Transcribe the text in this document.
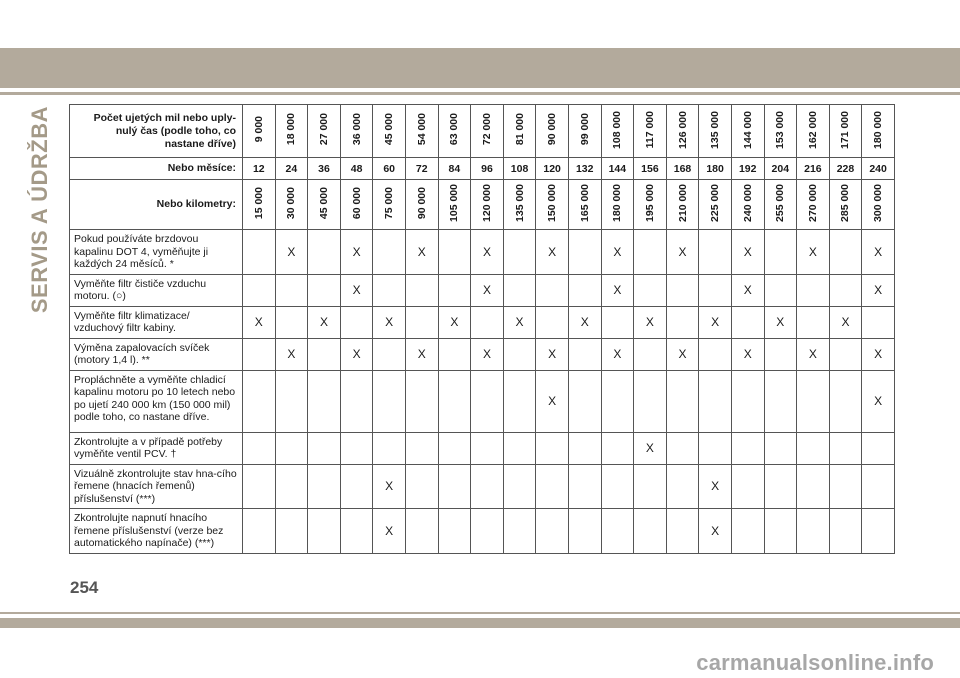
SERVIS A ÚDRŽBA	Počet ujetých mil nebo uply-nulý čas (podle toho, co nastane dříve)	9 000	18 000	27 000	36 000	45 000	54 000	63 000	72 000	81 000	90 000	99 000	108 000	117 000	126 000	135 000	144 000	153 000	162 000	171 000	180 000
Nebo měsíce:	12	24	36	48	60	72	84	96	108	120	132	144	156	168	180	192	204	216	228	240
Nebo kilometry:	15 000	30 000	45 000	60 000	75 000	90 000	105 000	120 000	135 000	150 000	165 000	180 000	195 000	210 000	225 000	240 000	255 000	270 000	285 000	300 000
Pokud používáte brzdovou kapalinu DOT 4, vyměňujte ji každých 24 měsíců. *		X		X		X		X		X		X		X		X		X		X
Vyměňte filtr čističe vzduchu motoru. (○)				X				X				X				X				X
Vyměňte filtr klimatizace/ vzduchový filtr kabiny.	X		X		X		X		X		X		X		X		X		X	
Výměna zapalovacích svíček (motory 1,4 l). **		X		X		X		X		X		X		X		X		X		X
Propláchněte a vyměňte chladicí kapalinu motoru po 10 letech nebo po ujetí 240 000 km (150 000 mil) podle toho, co nastane dříve.										X										X
Zkontrolujte a v případě potřeby vyměňte ventil PCV. †													X							
Vizuálně zkontrolujte stav hna-cího řemene (hnacích řemenů) příslušenství (***)					X										X					
Zkontrolujte napnutí hnacího řemene příslušenství (verze bez automatického napínače) (***)					X										X					
254
carmanualsonline.info
